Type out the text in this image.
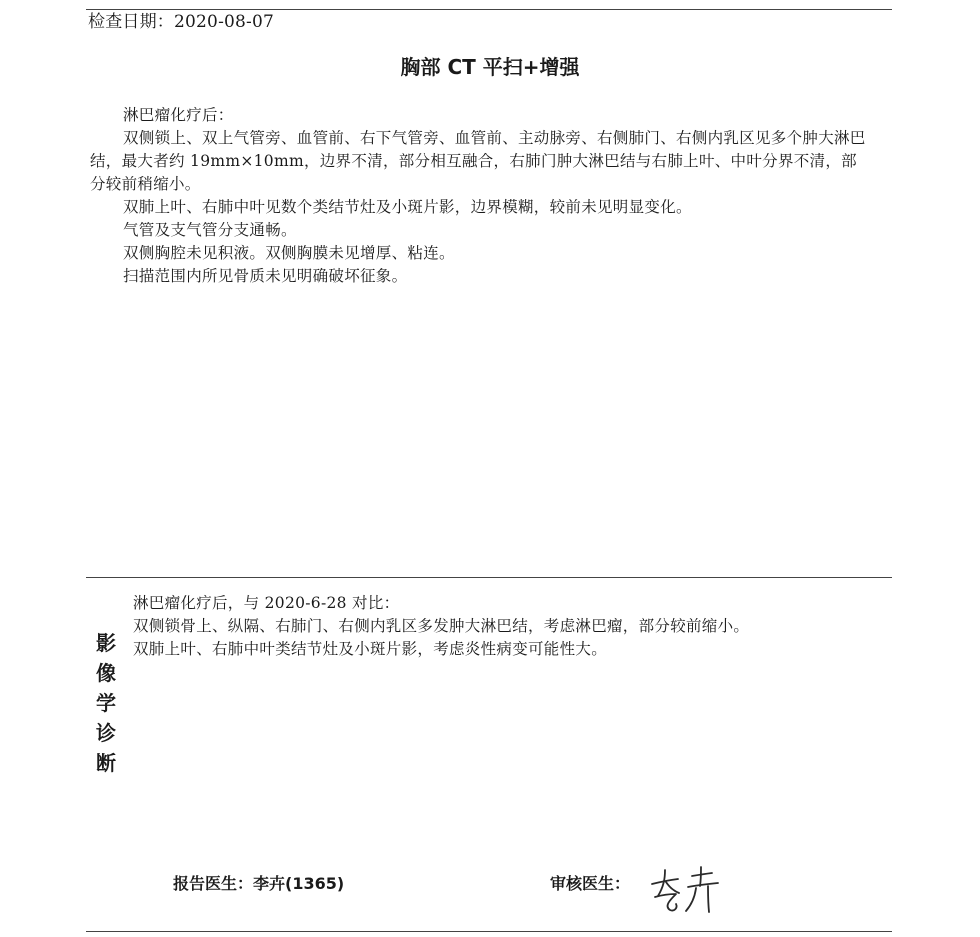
检查日期：2020-08-07
胸部 CT 平扫+增强

淋巴瘤化疗后：

双侧锁上、双上气管旁、血管前、右下气管旁、血管前、主动脉旁、右侧肺门、右侧内乳区见多个肿大淋巴结，最大者约 19mm×10mm，边界不清，部分相互融合，右肺门肿大淋巴结与右肺上叶、中叶分界不清，部分较前稍缩小。

双肺上叶、右肺中叶见数个类结节灶及小斑片影，边界模糊，较前未见明显变化。

气管及支气管分支通畅。

双侧胸腔未见积液。双侧胸膜未见增厚、粘连。

扫描范围内所见骨质未见明确破坏征象。

影
像
学
诊
断

淋巴瘤化疗后，与 2020-6-28 对比：

双侧锁骨上、纵隔、右肺门、右侧内乳区多发肿大淋巴结，考虑淋巴瘤，部分较前缩小。

双肺上叶、右肺中叶类结节灶及小斑片影，考虑炎性病变可能性大。

报告医生：李卉(1365)	审核医生：
